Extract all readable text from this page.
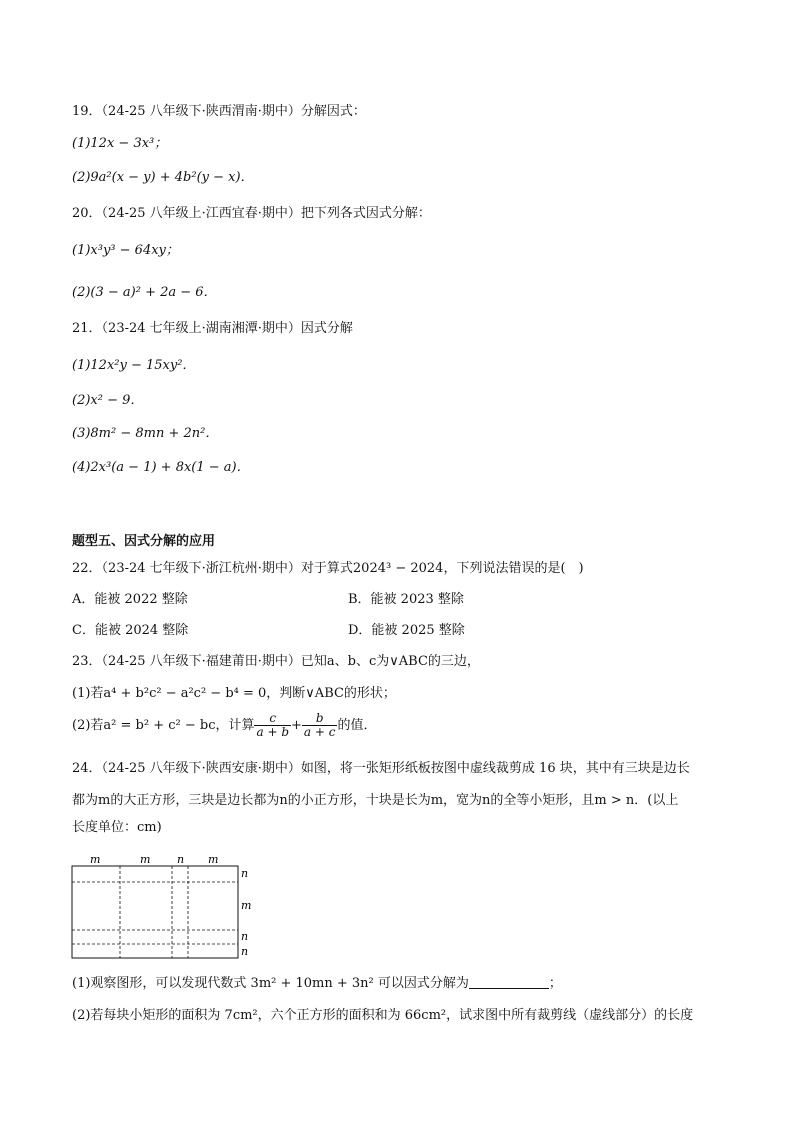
19．（24-25 八年级下·陕西渭南·期中）分解因式：
(1)12x − 3x³；
(2)9a²(x − y) + 4b²(y − x)．
20．（24-25 八年级上·江西宜春·期中）把下列各式因式分解：
(1)x³y³ − 64xy；
(2)(3 − a)² + 2a − 6．
21．（23-24 七年级上·湖南湘潭·期中）因式分解
(1)12x²y − 15xy²．
(2)x² − 9．
(3)8m² − 8mn + 2n²．
(4)2x³(a − 1) + 8x(1 − a)．
题型五、因式分解的应用
22．（23-24 七年级下·浙江杭州·期中）对于算式2024³ − 2024，下列说法错误的是(　)
A．能被 2022 整除	B．能被 2023 整除
C．能被 2024 整除	D．能被 2025 整除
23．（24-25 八年级下·福建莆田·期中）已知a、b、c为∨ABC的三边，
(1)若a⁴ + b²c² − a²c² − b⁴ = 0，判断∨ABC的形状；
(2)若a² = b² + c² − bc，计算 $\frac{c}{a + b} + \frac{b}{a + c}$ 的值．
24．（24-25 八年级下·陕西安康·期中）如图，将一张矩形纸板按图中虚线裁剪成 16 块，其中有三块是边长
都为m的大正方形，三块是边长都为n的小正方形，十块是长为m，宽为n的全等小矩形，且m > n．(以上
长度单位：cm)
m	m n m
n
m
n
n
(1)观察图形，可以发现代数式 3m² + 10mn + 3n² 可以因式分解为	；
(2)若每块小矩形的面积为 7cm²，六个正方形的面积和为 66cm²，试求图中所有裁剪线（虚线部分）的长度
